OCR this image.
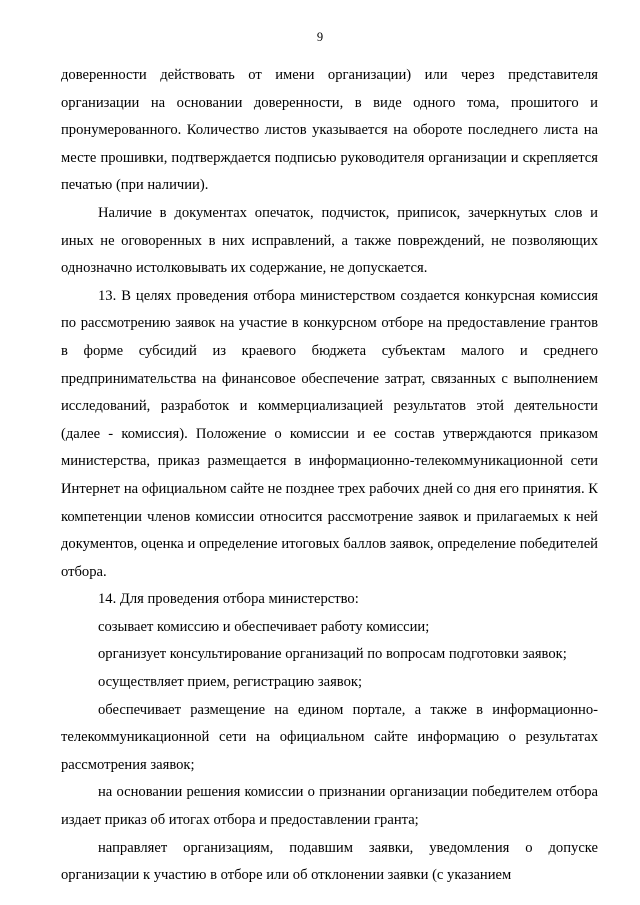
9

доверенности действовать от имени организации) или через представителя организации на основании доверенности, в виде одного тома, прошитого и пронумерованного. Количество листов указывается на обороте последнего листа на месте прошивки, подтверждается подписью руководителя организации и скрепляется печатью (при наличии).

Наличие в документах опечаток, подчисток, приписок, зачеркнутых слов и иных не оговоренных в них исправлений, а также повреждений, не позволяющих однозначно истолковывать их содержание, не допускается.

13. В целях проведения отбора министерством создается конкурсная комиссия по рассмотрению заявок на участие в конкурсном отборе на предоставление грантов в форме субсидий из краевого бюджета субъектам малого и среднего предпринимательства на финансовое обеспечение затрат, связанных с выполнением исследований, разработок и коммерциализацией результатов этой деятельности (далее - комиссия). Положение о комиссии и ее состав утверждаются приказом министерства, приказ размещается в информационно-телекоммуникационной сети Интернет на официальном сайте не позднее трех рабочих дней со дня его принятия. К компетенции членов комиссии относится рассмотрение заявок и прилагаемых к ней документов, оценка и определение итоговых баллов заявок, определение победителей отбора.

14. Для проведения отбора министерство:

созывает комиссию и обеспечивает работу комиссии;

организует консультирование организаций по вопросам подготовки заявок;

осуществляет прием, регистрацию заявок;

обеспечивает размещение на едином портале, а также в информационно-телекоммуникационной сети на официальном сайте информацию о результатах рассмотрения заявок;

на основании решения комиссии о признании организации победителем отбора издает приказ об итогах отбора и предоставлении гранта;

направляет организациям, подавшим заявки, уведомления о допуске организации к участию в отборе или об отклонении заявки (с указанием
